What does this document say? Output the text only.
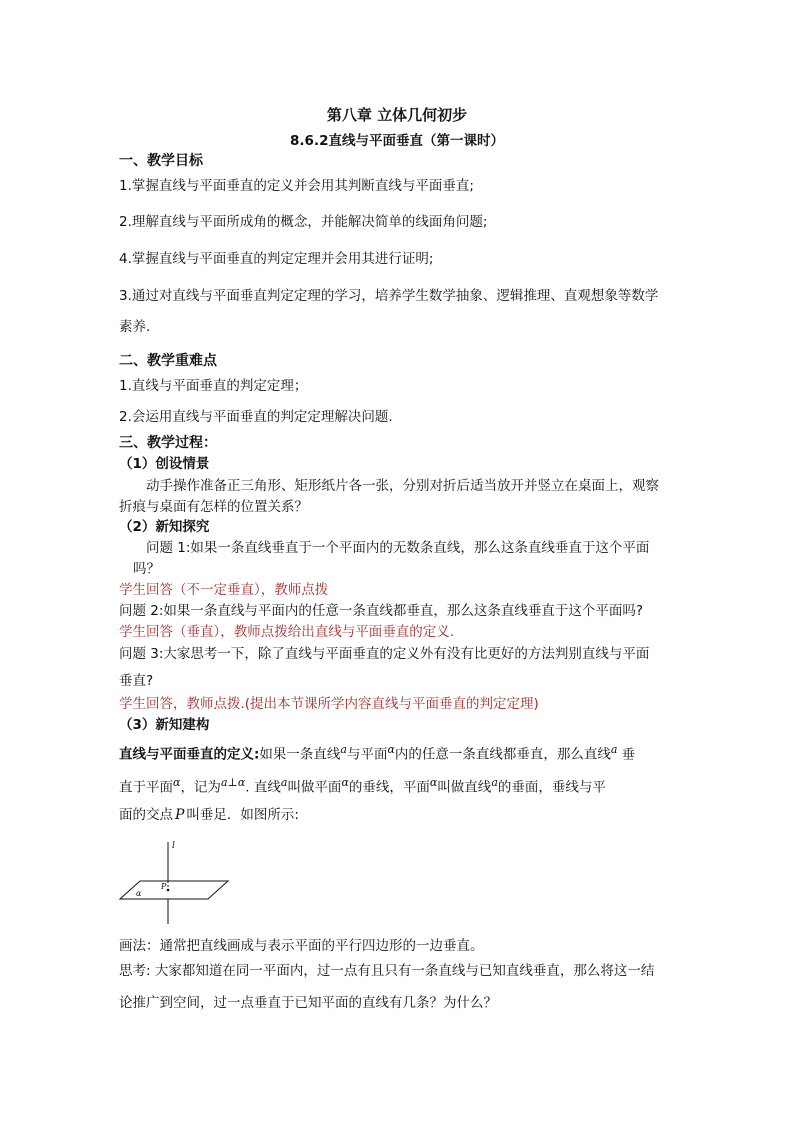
第八章 立体几何初步
8.6.2直线与平面垂直（第一课时）
一、教学目标
1.掌握直线与平面垂直的定义并会用其判断直线与平面垂直;
2.理解直线与平面所成角的概念，并能解决简单的线面角问题;
4.掌握直线与平面垂直的判定定理并会用其进行证明;
3.通过对直线与平面垂直判定定理的学习，培养学生数学抽象、逻辑推理、直观想象等数学
素养.
二、教学重难点
1.直线与平面垂直的判定定理；
2.会运用直线与平面垂直的判定定理解决问题.
三、教学过程：
（1）创设情景
动手操作准备正三角形、矩形纸片各一张，分别对折后适当放开并竖立在桌面上，观察
折痕与桌面有怎样的位置关系？
（2）新知探究
问题 1:如果一条直线垂直于一个平面内的无数条直线，那么这条直线垂直于这个平面
吗？
学生回答（不一定垂直），教师点拨
问题 2:如果一条直线与平面内的任意一条直线都垂直，那么这条直线垂直于这个平面吗?
学生回答（垂直），教师点拨给出直线与平面垂直的定义.
问题 3:大家思考一下，除了直线与平面垂直的定义外有没有比更好的方法判别直线与平面
垂直?
学生回答，教师点拨.(提出本节课所学内容直线与平面垂直的判定定理)
（3）新知建构
直线与平面垂直的定义:如果一条直线$^a$与平面$^\alpha$内的任意一条直线都垂直，那么直线$^a$ 垂
直于平面$^\alpha$，记为$^{a\perp\alpha}$. 直线$^a$叫做平面$^\alpha$的垂线，平面$^\alpha$叫做直线$^a$的垂面，垂线与平
面的交点 P 叫垂足．如图所示:
l
P
α
画法：通常把直线画成与表示平面的平行四边形的一边垂直。
思考: 大家都知道在同一平面内，过一点有且只有一条直线与已知直线垂直，那么将这一结
论推广到空间，过一点垂直于已知平面的直线有几条？为什么？
